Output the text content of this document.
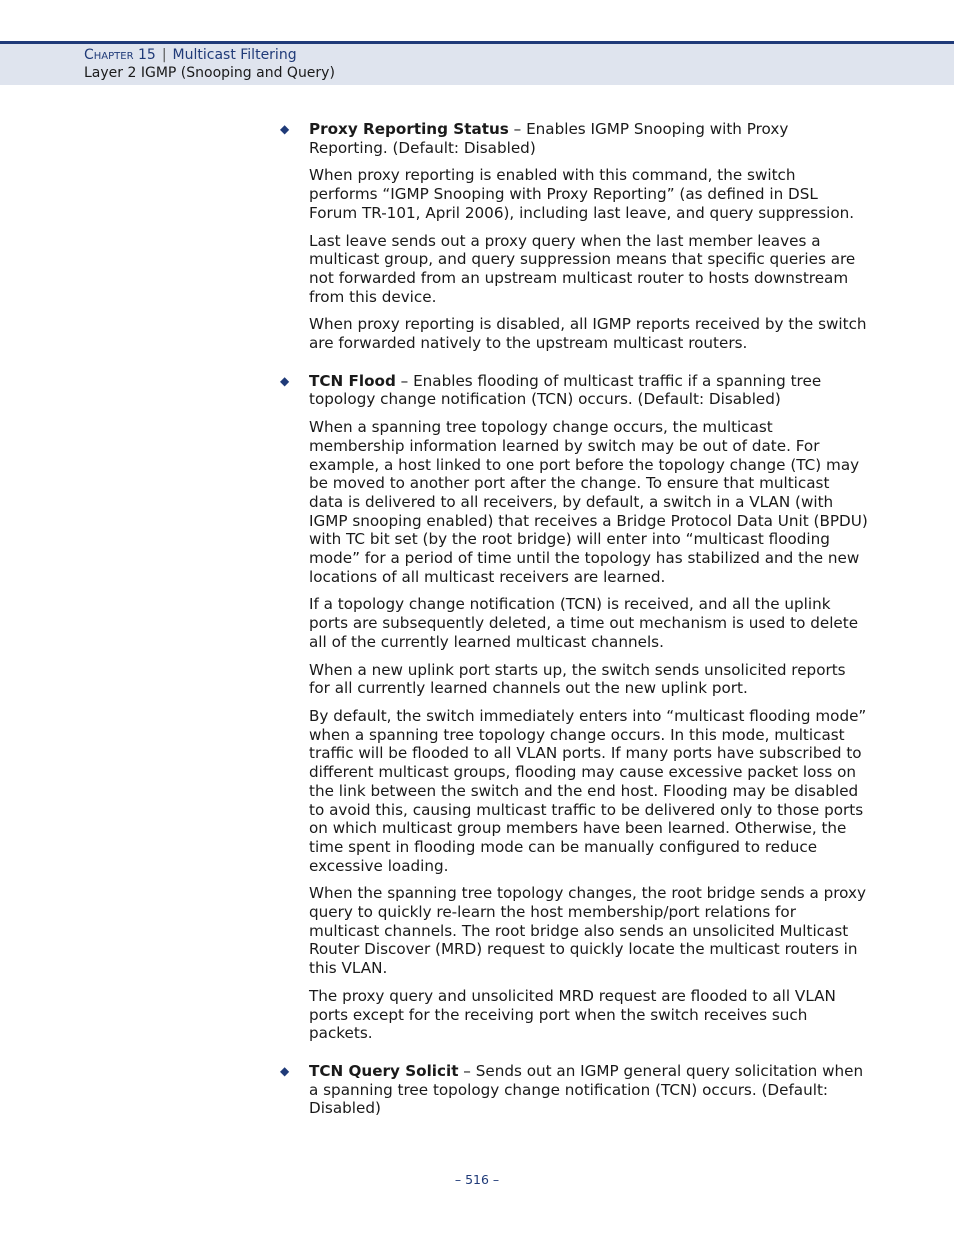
Chapter 15 | Multicast Filtering
Layer 2 IGMP (Snooping and Query)
◆ Proxy Reporting Status – Enables IGMP Snooping with Proxy Reporting. (Default: Disabled)

When proxy reporting is enabled with this command, the switch performs “IGMP Snooping with Proxy Reporting” (as defined in DSL Forum TR-101, April 2006), including last leave, and query suppression.

Last leave sends out a proxy query when the last member leaves a multicast group, and query suppression means that specific queries are not forwarded from an upstream multicast router to hosts downstream from this device.

When proxy reporting is disabled, all IGMP reports received by the switch are forwarded natively to the upstream multicast routers.

◆ TCN Flood – Enables flooding of multicast traffic if a spanning tree topology change notification (TCN) occurs. (Default: Disabled)

When a spanning tree topology change occurs, the multicast membership information learned by switch may be out of date. For example, a host linked to one port before the topology change (TC) may be moved to another port after the change. To ensure that multicast data is delivered to all receivers, by default, a switch in a VLAN (with IGMP snooping enabled) that receives a Bridge Protocol Data Unit (BPDU) with TC bit set (by the root bridge) will enter into “multicast flooding mode” for a period of time until the topology has stabilized and the new locations of all multicast receivers are learned.

If a topology change notification (TCN) is received, and all the uplink ports are subsequently deleted, a time out mechanism is used to delete all of the currently learned multicast channels.

When a new uplink port starts up, the switch sends unsolicited reports for all currently learned channels out the new uplink port.

By default, the switch immediately enters into “multicast flooding mode” when a spanning tree topology change occurs. In this mode, multicast traffic will be flooded to all VLAN ports. If many ports have subscribed to different multicast groups, flooding may cause excessive packet loss on the link between the switch and the end host. Flooding may be disabled to avoid this, causing multicast traffic to be delivered only to those ports on which multicast group members have been learned. Otherwise, the time spent in flooding mode can be manually configured to reduce excessive loading.

When the spanning tree topology changes, the root bridge sends a proxy query to quickly re-learn the host membership/port relations for multicast channels. The root bridge also sends an unsolicited Multicast Router Discover (MRD) request to quickly locate the multicast routers in this VLAN.

The proxy query and unsolicited MRD request are flooded to all VLAN ports except for the receiving port when the switch receives such packets.

◆ TCN Query Solicit – Sends out an IGMP general query solicitation when a spanning tree topology change notification (TCN) occurs. (Default: Disabled)

– 516 –
